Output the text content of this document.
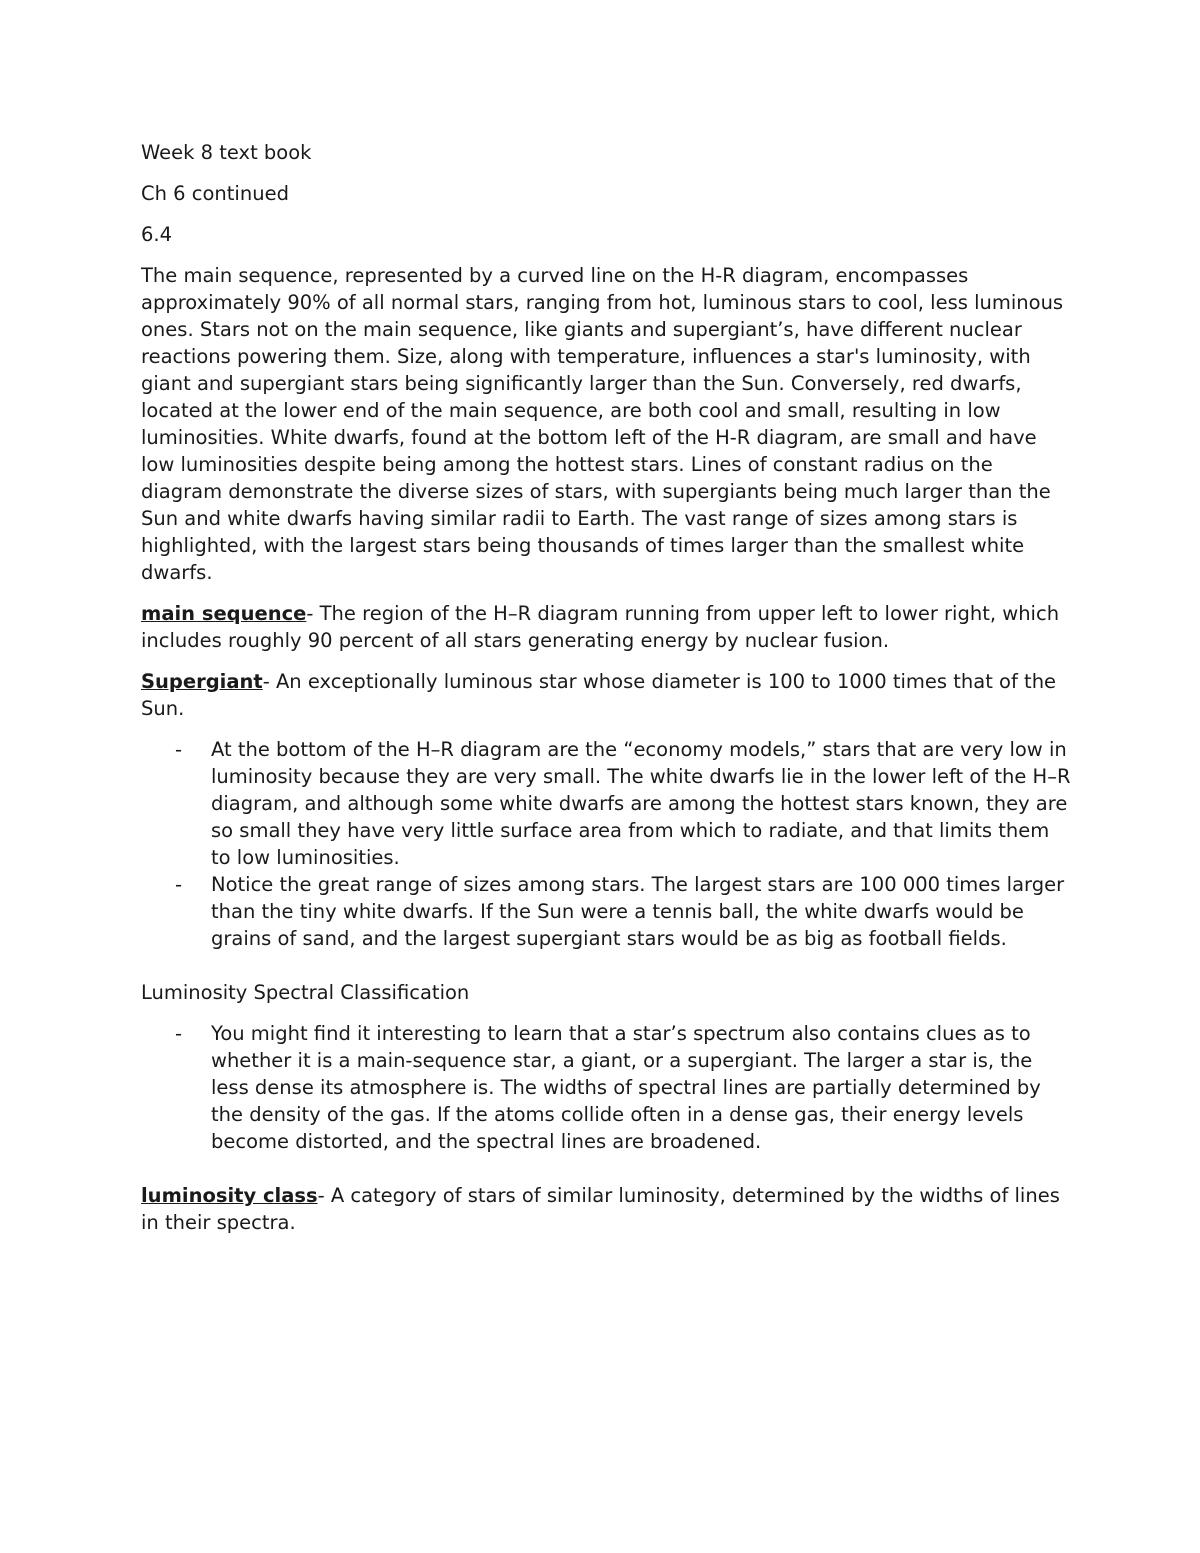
Week 8 text book

Ch 6 continued

6.4

The main sequence, represented by a curved line on the H-R diagram, encompasses approximately 90% of all normal stars, ranging from hot, luminous stars to cool, less luminous ones. Stars not on the main sequence, like giants and supergiant’s, have different nuclear reactions powering them. Size, along with temperature, influences a star's luminosity, with giant and supergiant stars being significantly larger than the Sun. Conversely, red dwarfs, located at the lower end of the main sequence, are both cool and small, resulting in low luminosities. White dwarfs, found at the bottom left of the H-R diagram, are small and have low luminosities despite being among the hottest stars. Lines of constant radius on the diagram demonstrate the diverse sizes of stars, with supergiants being much larger than the Sun and white dwarfs having similar radii to Earth. The vast range of sizes among stars is highlighted, with the largest stars being thousands of times larger than the smallest white dwarfs.

main sequence- The region of the H–R diagram running from upper left to lower right, which includes roughly 90 percent of all stars generating energy by nuclear fusion.

Supergiant- An exceptionally luminous star whose diameter is 100 to 1000 times that of the Sun.

- At the bottom of the H–R diagram are the “economy models,” stars that are very low in luminosity because they are very small. The white dwarfs lie in the lower left of the H–R diagram, and although some white dwarfs are among the hottest stars known, they are so small they have very little surface area from which to radiate, and that limits them to low luminosities.
- Notice the great range of sizes among stars. The largest stars are 100 000 times larger than the tiny white dwarfs. If the Sun were a tennis ball, the white dwarfs would be grains of sand, and the largest supergiant stars would be as big as football fields.

Luminosity Spectral Classification

- You might find it interesting to learn that a star’s spectrum also contains clues as to whether it is a main-sequence star, a giant, or a supergiant. The larger a star is, the less dense its atmosphere is. The widths of spectral lines are partially determined by the density of the gas. If the atoms collide often in a dense gas, their energy levels become distorted, and the spectral lines are broadened.

luminosity class- A category of stars of similar luminosity, determined by the widths of lines in their spectra.
